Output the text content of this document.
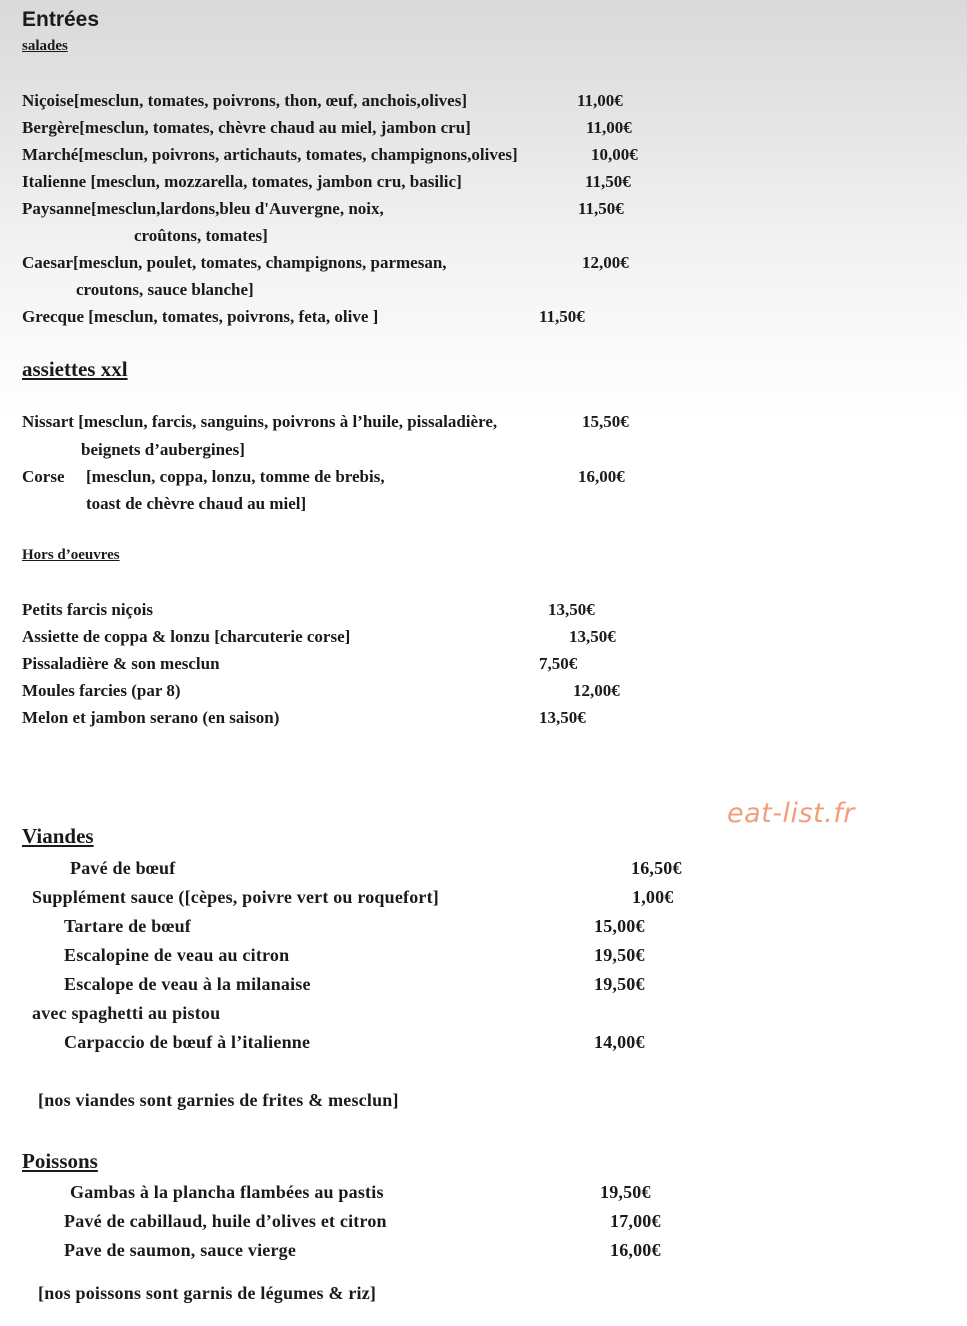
Entrées
salades
Niçoise[mesclun, tomates, poivrons, thon, œuf, anchois,olives]	11,00€
Bergère[mesclun, tomates, chèvre chaud au miel, jambon cru]	11,00€
Marché[mesclun, poivrons, artichauts, tomates, champignons,olives]	10,00€
Italienne [mesclun, mozzarella, tomates, jambon cru, basilic]	11,50€
Paysanne[mesclun,lardons,bleu d'Auvergne, noix,	11,50€
croûtons, tomates]
Caesar[mesclun, poulet, tomates, champignons, parmesan,	12,00€
croutons, sauce blanche]
Grecque [mesclun, tomates, poivrons, feta, olive ]	11,50€
assiettes xxl
Nissart [mesclun, farcis, sanguins, poivrons à l’huile, pissaladière,	15,50€
beignets d’aubergines]
Corse [mesclun, coppa, lonzu, tomme de brebis,	16,00€
toast de chèvre chaud au miel]
Hors d’oeuvres
Petits farcis niçois	13,50€
Assiette de coppa & lonzu [charcuterie corse]	13,50€
Pissaladière & son mesclun	7,50€
Moules farcies (par 8)	12,00€
Melon et jambon serano (en saison)	13,50€
eat-list.fr
Viandes
Pavé de bœuf	16,50€
Supplément sauce ([cèpes, poivre vert ou roquefort]	1,00€
Tartare de bœuf	15,00€
Escalopine de veau au citron	19,50€
Escalope de veau à la milanaise	19,50€
avec spaghetti au pistou
Carpaccio de bœuf à l’italienne	14,00€
[nos viandes sont garnies de frites & mesclun]
Poissons
Gambas à la plancha flambées au pastis	19,50€
Pavé de cabillaud, huile d’olives et citron	17,00€
Pave de saumon, sauce vierge	16,00€
[nos poissons sont garnis de légumes & riz]
